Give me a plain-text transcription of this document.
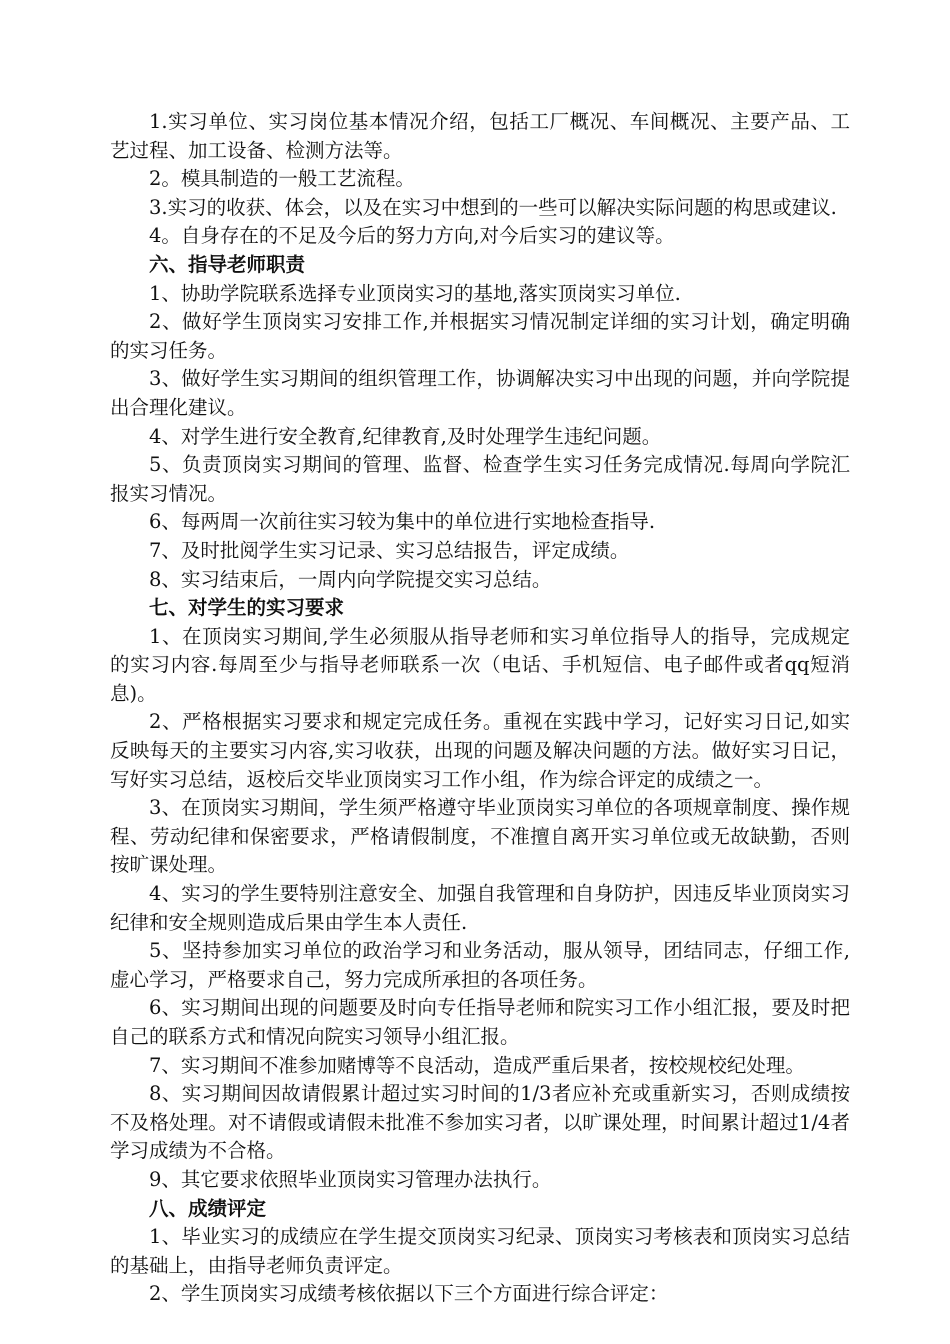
1.实习单位、实习岗位基本情况介绍，包括工厂概况、车间概况、主要产品、工艺过程、加工设备、检测方法等。

2。模具制造的一般工艺流程。

3.实习的收获、体会，以及在实习中想到的一些可以解决实际问题的构思或建议.

4。自身存在的不足及今后的努力方向,对今后实习的建议等。

六、指导老师职责

1、协助学院联系选择专业顶岗实习的基地,落实顶岗实习单位.

2、做好学生顶岗实习安排工作,并根据实习情况制定详细的实习计划，确定明确的实习任务。

3、做好学生实习期间的组织管理工作，协调解决实习中出现的问题，并向学院提出合理化建议。

4、对学生进行安全教育,纪律教育,及时处理学生违纪问题。

5、负责顶岗实习期间的管理、监督、检查学生实习任务完成情况.每周向学院汇报实习情况。

6、每两周一次前往实习较为集中的单位进行实地检查指导.

7、及时批阅学生实习记录、实习总结报告，评定成绩。

8、实习结束后，一周内向学院提交实习总结。

七、对学生的实习要求

1、在顶岗实习期间,学生必须服从指导老师和实习单位指导人的指导，完成规定的实习内容.每周至少与指导老师联系一次（电话、手机短信、电子邮件或者qq短消息)。

2、严格根据实习要求和规定完成任务。重视在实践中学习，记好实习日记,如实反映每天的主要实习内容,实习收获，出现的问题及解决问题的方法。做好实习日记，写好实习总结，返校后交毕业顶岗实习工作小组，作为综合评定的成绩之一。

3、在顶岗实习期间，学生须严格遵守毕业顶岗实习单位的各项规章制度、操作规程、劳动纪律和保密要求，严格请假制度，不准擅自离开实习单位或无故缺勤，否则按旷课处理。

4、实习的学生要特别注意安全、加强自我管理和自身防护，因违反毕业顶岗实习纪律和安全规则造成后果由学生本人责任.

5、坚持参加实习单位的政治学习和业务活动，服从领导，团结同志，仔细工作,虚心学习，严格要求自己，努力完成所承担的各项任务。

6、实习期间出现的问题要及时向专任指导老师和院实习工作小组汇报，要及时把自己的联系方式和情况向院实习领导小组汇报。

7、实习期间不准参加赌博等不良活动，造成严重后果者，按校规校纪处理。

8、实习期间因故请假累计超过实习时间的1/3者应补充或重新实习，否则成绩按不及格处理。对不请假或请假未批准不参加实习者，以旷课处理，时间累计超过1/4者学习成绩为不合格。

9、其它要求依照毕业顶岗实习管理办法执行。

八、成绩评定

1、毕业实习的成绩应在学生提交顶岗实习纪录、顶岗实习考核表和顶岗实习总结的基础上，由指导老师负责评定。

2、学生顶岗实习成绩考核依据以下三个方面进行综合评定：
